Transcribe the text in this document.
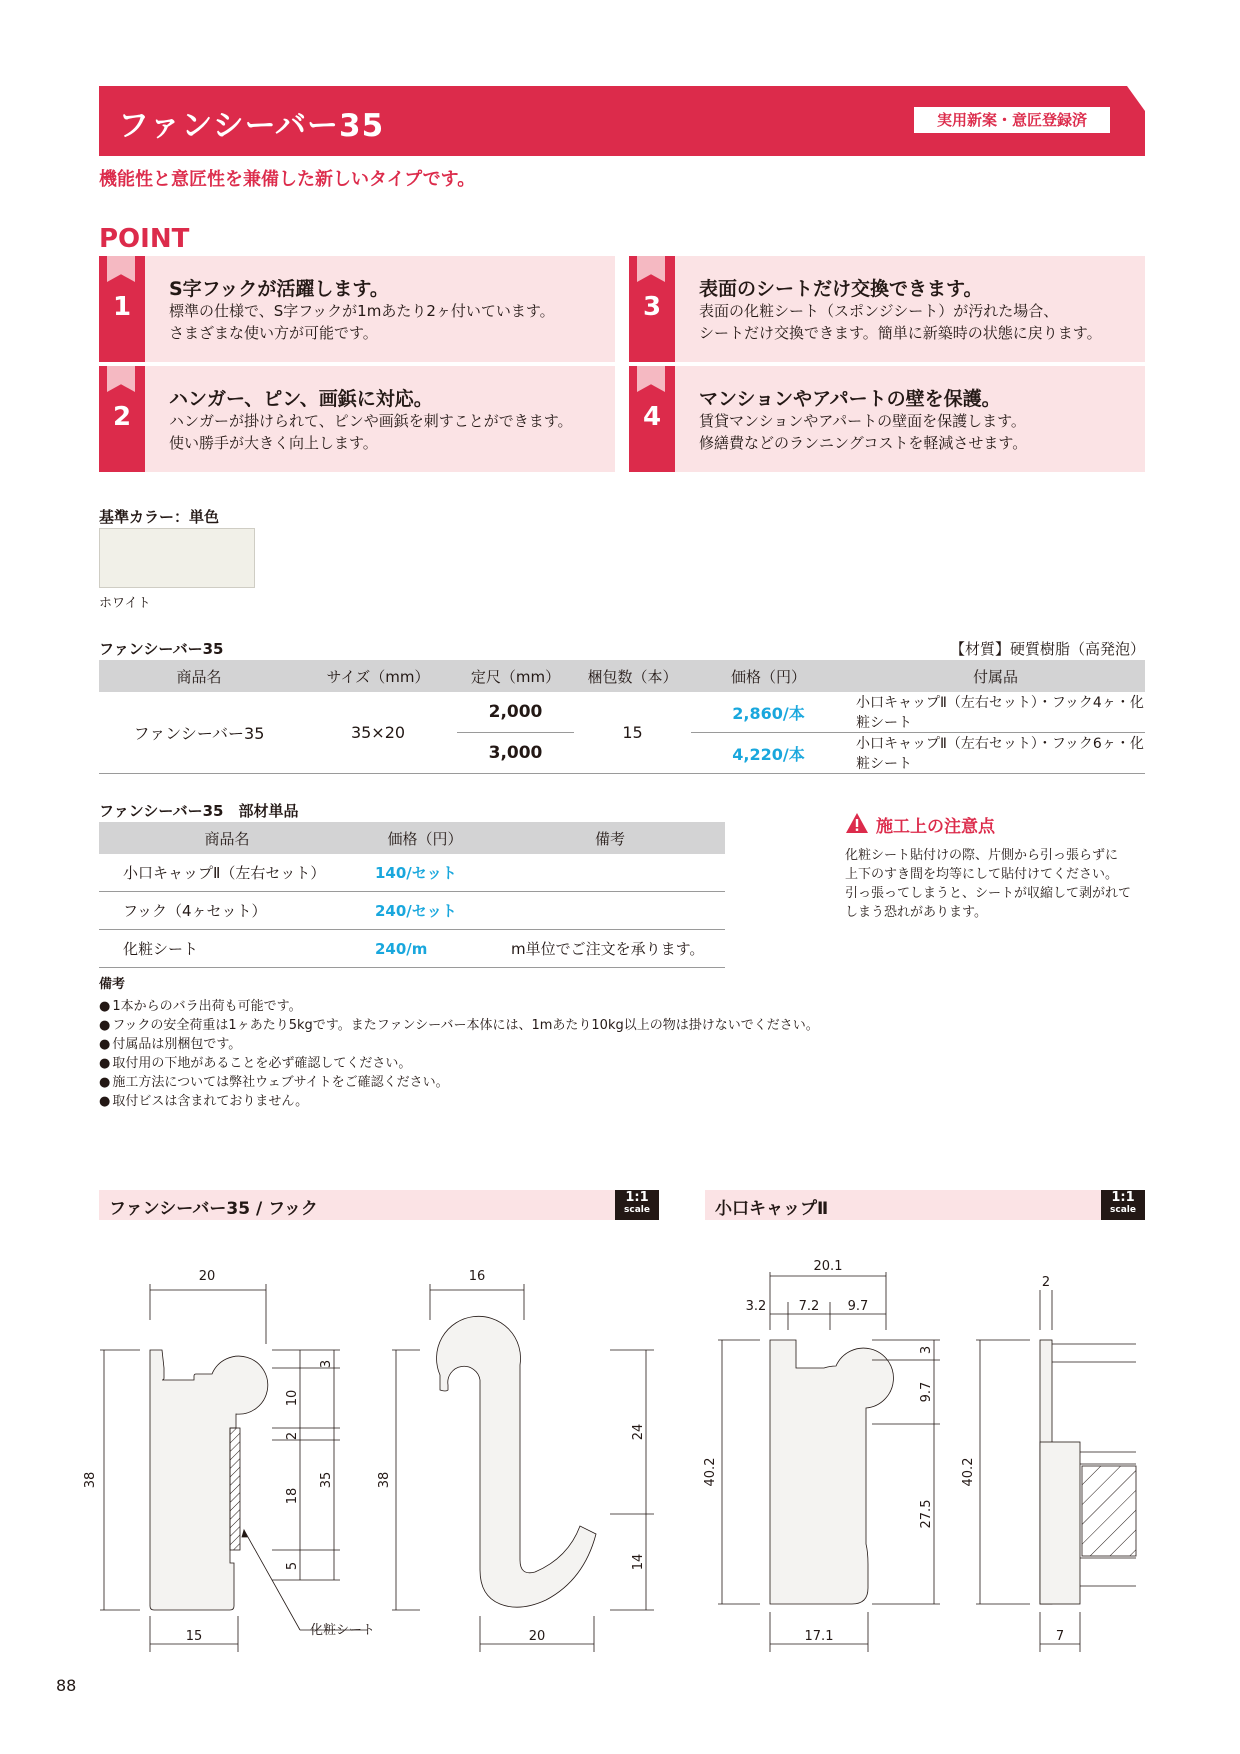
ファンシーバー35	実用新案・意匠登録済
機能性と意匠性を兼備した新しいタイプです。
POINT
1
S字フックが活躍します。
標準の仕様で、S字フックが1mあたり2ヶ付いています。
さまざまな使い方が可能です。
2
ハンガー、ピン、画鋲に対応。
ハンガーが掛けられて、ピンや画鋲を刺すことができます。
使い勝手が大きく向上します。
3
表面のシートだけ交換できます。
表面の化粧シート（スポンジシート）が汚れた場合、
シートだけ交換できます。簡単に新築時の状態に戻ります。
4
マンションやアパートの壁を保護。
賃貸マンションやアパートの壁面を保護します。
修繕費などのランニングコストを軽減させます。
基準カラー：単色
ホワイト
ファンシーバー35	【材質】硬質樹脂（高発泡）
商品名	サイズ（mm）	定尺（mm）	梱包数（本）	価格（円）	付属品
ファンシーバー35	35×20	2,000	15	2,860/本	小口キャップⅡ（左右セット）・フック4ヶ・化粧シート
		3,000		4,220/本	小口キャップⅡ（左右セット）・フック6ヶ・化粧シート
ファンシーバー35　部材単品
商品名	価格（円）	備考
小口キャップⅡ（左右セット）	140/セット	
フック（4ヶセット）	240/セット	
化粧シート	240/m	m単位でご注文を承ります。
施工上の注意点
化粧シート貼付けの際、片側から引っ張らずに
上下のすき間を均等にして貼付けてください。
引っ張ってしまうと、シートが収縮して剥がれて
しまう恐れがあります。
備考
● 1本からのバラ出荷も可能です。
● フックの安全荷重は1ヶあたり5kgです。またファンシーバー本体には、1mあたり10kg以上の物は掛けないでください。
● 付属品は別梱包です。
● 取付用の下地があることを必ず確認してください。
● 施工方法については弊社ウェブサイトをご確認ください。
● 取付ビスは含まれておりません。
ファンシーバー35 / フック
1:1
scale	小口キャップⅡ
1:1
scale
20
38
3
10
2
18
5
35
15	化粧シート
16
38
24
14
20
20.1
3.2 7.2 9.7
40.2
3
9.7
27.5
17.1
2
40.2
7
88
